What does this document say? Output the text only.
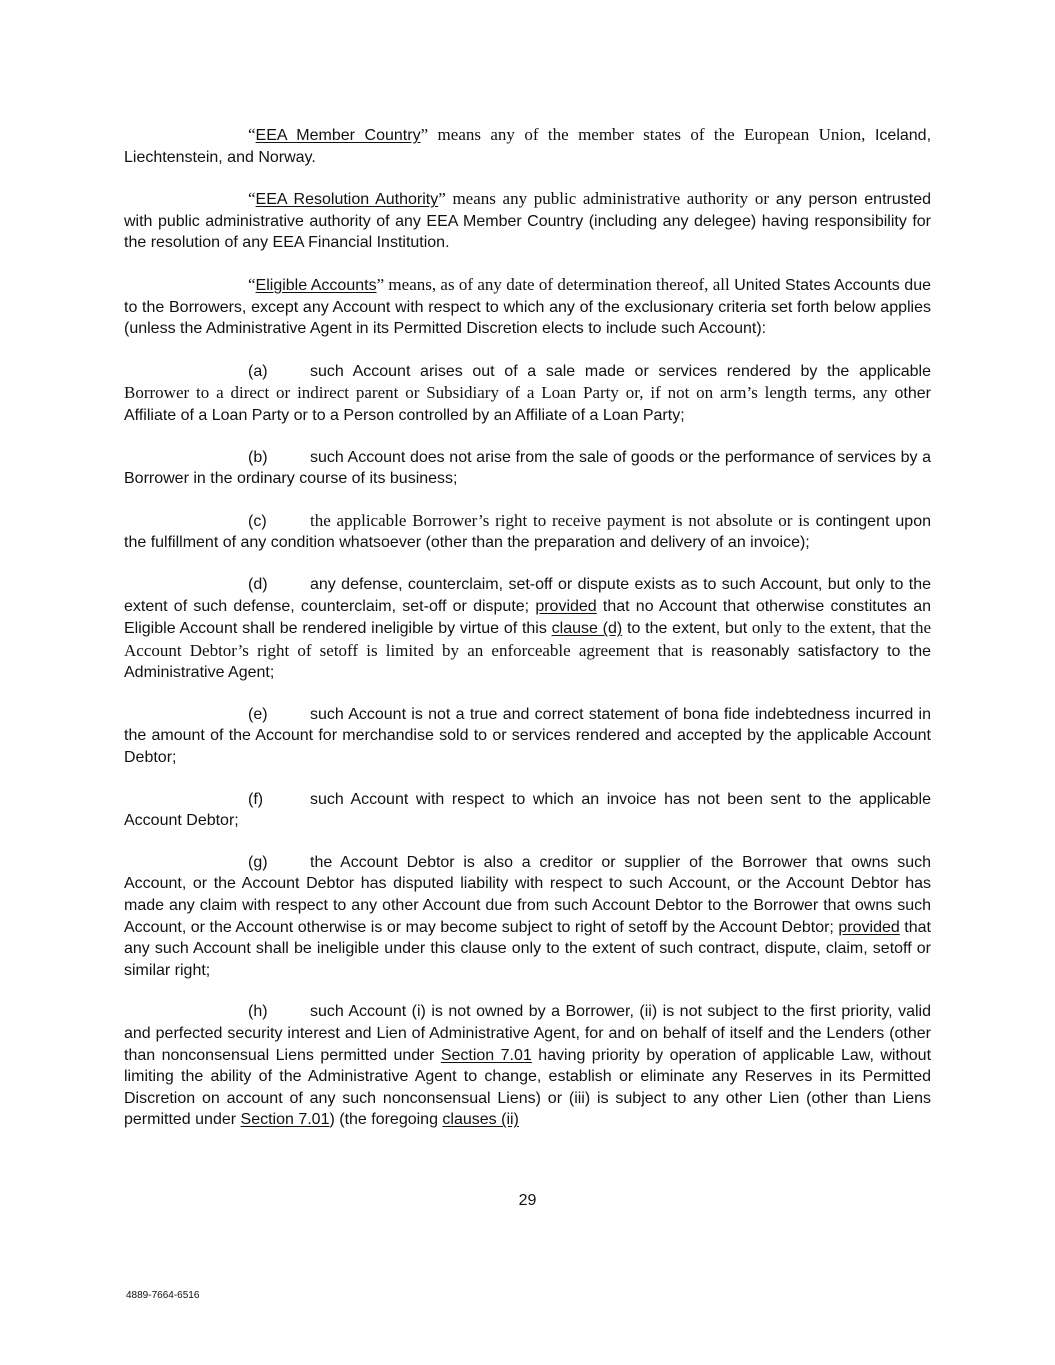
“EEA Member Country” means any of the member states of the European Union, Iceland, Liechtenstein, and Norway.

“EEA Resolution Authority” means any public administrative authority or any person entrusted with public administrative authority of any EEA Member Country (including any delegee) having responsibility for the resolution of any EEA Financial Institution.

“Eligible Accounts” means, as of any date of determination thereof, all United States Accounts due to the Borrowers, except any Account with respect to which any of the exclusionary criteria set forth below applies (unless the Administrative Agent in its Permitted Discretion elects to include such Account):

(a)	such Account arises out of a sale made or services rendered by the applicable Borrower to a direct or indirect parent or Subsidiary of a Loan Party or, if not on arm’s length terms, any other Affiliate of a Loan Party or to a Person controlled by an Affiliate of a Loan Party;

(b)	such Account does not arise from the sale of goods or the performance of services by a Borrower in the ordinary course of its business;

(c)	the applicable Borrower’s right to receive payment is not absolute or is contingent upon the fulfillment of any condition whatsoever (other than the preparation and delivery of an invoice);

(d)	any defense, counterclaim, set-off or dispute exists as to such Account, but only to the extent of such defense, counterclaim, set-off or dispute; provided that no Account that otherwise constitutes an Eligible Account shall be rendered ineligible by virtue of this clause (d) to the extent, but only to the extent, that the Account Debtor’s right of setoff is limited by an enforceable agreement that is reasonably satisfactory to the Administrative Agent;

(e)	such Account is not a true and correct statement of bona fide indebtedness incurred in the amount of the Account for merchandise sold to or services rendered and accepted by the applicable Account Debtor;

(f)	such Account with respect to which an invoice has not been sent to the applicable Account Debtor;

(g)	the Account Debtor is also a creditor or supplier of the Borrower that owns such Account, or the Account Debtor has disputed liability with respect to such Account, or the Account Debtor has made any claim with respect to any other Account due from such Account Debtor to the Borrower that owns such Account, or the Account otherwise is or may become subject to right of setoff by the Account Debtor; provided that any such Account shall be ineligible under this clause only to the extent of such contract, dispute, claim, setoff or similar right;

(h)	such Account (i) is not owned by a Borrower, (ii) is not subject to the first priority, valid and perfected security interest and Lien of Administrative Agent, for and on behalf of itself and the Lenders (other than nonconsensual Liens permitted under Section 7.01 having priority by operation of applicable Law, without limiting the ability of the Administrative Agent to change, establish or eliminate any Reserves in its Permitted Discretion on account of any such nonconsensual Liens) or (iii) is subject to any other Lien (other than Liens permitted under Section 7.01) (the foregoing clauses (ii)

29
4889-7664-6516
